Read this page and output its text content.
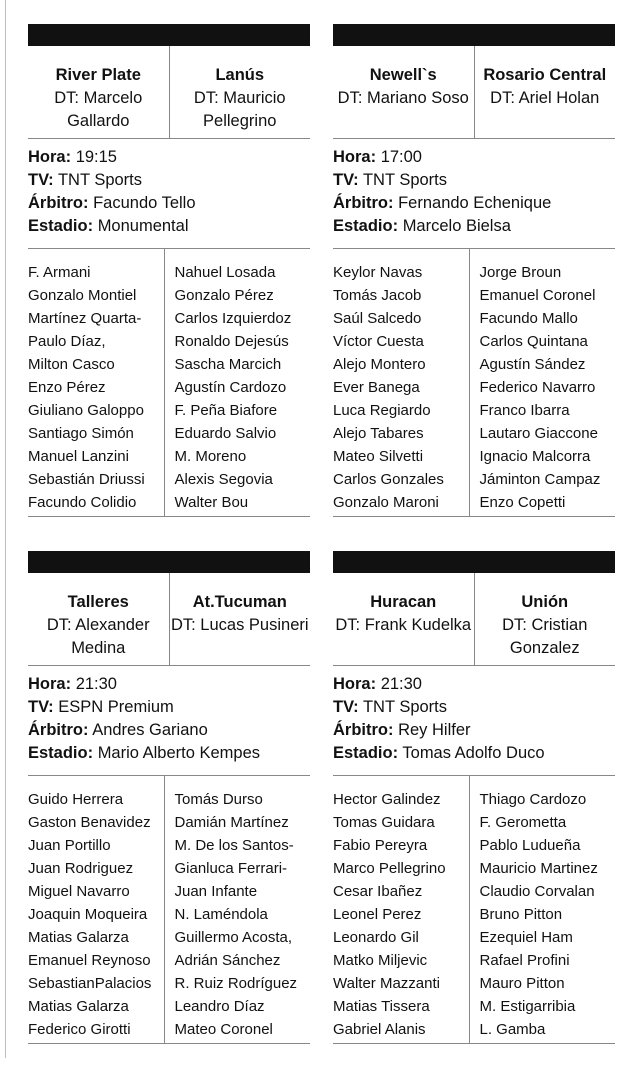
River Plate
DT: Marcelo Gallardo
Lanús
DT: Mauricio Pellegrino
Hora: 19:15
TV: TNT Sports
Árbitro: Facundo Tello
Estadio: Monumental
F. Armani
Gonzalo Montiel
Martínez Quarta-
Paulo Díaz,
Milton Casco
Enzo Pérez
Giuliano Galoppo
Santiago Simón
Manuel Lanzini
Sebastián Driussi
Facundo Colidio
Nahuel Losada
Gonzalo Pérez
Carlos Izquierdoz
Ronaldo Dejesús
Sascha Marcich
Agustín Cardozo
F. Peña Biafore
Eduardo Salvio
M. Moreno
Alexis Segovia
Walter Bou
Newell`s
DT: Mariano Soso
Rosario Central
DT: Ariel Holan
Hora: 17:00
TV: TNT Sports
Árbitro: Fernando Echenique
Estadio: Marcelo Bielsa
Keylor Navas
Tomás Jacob
Saúl Salcedo
Víctor Cuesta
Alejo Montero
Ever Banega
Luca Regiardo
Alejo Tabares
Mateo Silvetti
Carlos Gonzales
Gonzalo Maroni
Jorge Broun
Emanuel Coronel
Facundo Mallo
Carlos Quintana
Agustín Sández
Federico Navarro
Franco Ibarra
Lautaro Giaccone
Ignacio Malcorra
Jáminton Campaz
Enzo Copetti
Talleres
DT: Alexander Medina
At.Tucuman
DT: Lucas Pusineri
Hora: 21:30
TV: ESPN Premium
Árbitro: Andres Gariano
Estadio: Mario Alberto Kempes
Guido Herrera
Gaston Benavidez
Juan Portillo
Juan Rodriguez
Miguel Navarro
Joaquin Moqueira
Matias Galarza
Emanuel Reynoso
SebastianPalacios
Matias Galarza
Federico Girotti
Tomás Durso
Damián Martínez
M. De los Santos-
Gianluca Ferrari-
Juan Infante
N. Laméndola
Guillermo Acosta,
Adrián Sánchez
R. Ruiz Rodríguez
Leandro Díaz
Mateo Coronel
Huracan
DT: Frank Kudelka
Unión
DT: Cristian Gonzalez
Hora: 21:30
TV: TNT Sports
Árbitro: Rey Hilfer
Estadio: Tomas Adolfo Duco
Hector Galindez
Tomas Guidara
Fabio Pereyra
Marco Pellegrino
Cesar Ibañez
Leonel Perez
Leonardo Gil
Matko Miljevic
Walter Mazzanti
Matias Tissera
Gabriel Alanis
Thiago Cardozo
F. Gerometta
Pablo Ludueña
Mauricio Martinez
Claudio Corvalan
Bruno Pitton
Ezequiel Ham
Rafael Profini
Mauro Pitton
M. Estigarribia
L. Gamba
